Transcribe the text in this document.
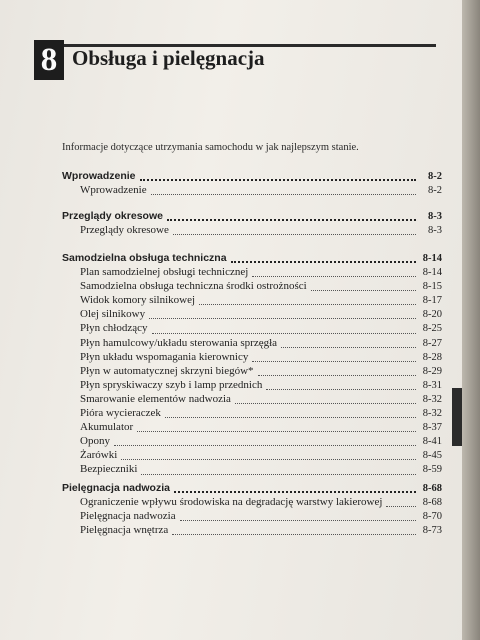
8 Obsługa i pielęgnacja
Informacje dotyczące utrzymania samochodu w jak najlepszym stanie.
Wprowadzenie	8-2
Wprowadzenie	8-2
Przeglądy okresowe	8-3
Przeglądy okresowe	8-3
Samodzielna obsługa techniczna	8-14
Plan samodzielnej obsługi technicznej	8-14
Samodzielna obsługa techniczna środki ostrożności	8-15
Widok komory silnikowej	8-17
Olej silnikowy	8-20
Płyn chłodzący	8-25
Płyn hamulcowy/układu sterowania sprzęgła	8-27
Płyn układu wspomagania kierownicy	8-28
Płyn w automatycznej skrzyni biegów*	8-29
Płyn spryskiwaczy szyb i lamp przednich	8-31
Smarowanie elementów nadwozia	8-32
Pióra wycieraczek	8-32
Akumulator	8-37
Opony	8-41
Żarówki	8-45
Bezpieczniki	8-59
Pielęgnacja nadwozia	8-68
Ograniczenie wpływu środowiska na degradację warstwy lakierowej	8-68
Pielęgnacja nadwozia	8-70
Pielęgnacja wnętrza	8-73
